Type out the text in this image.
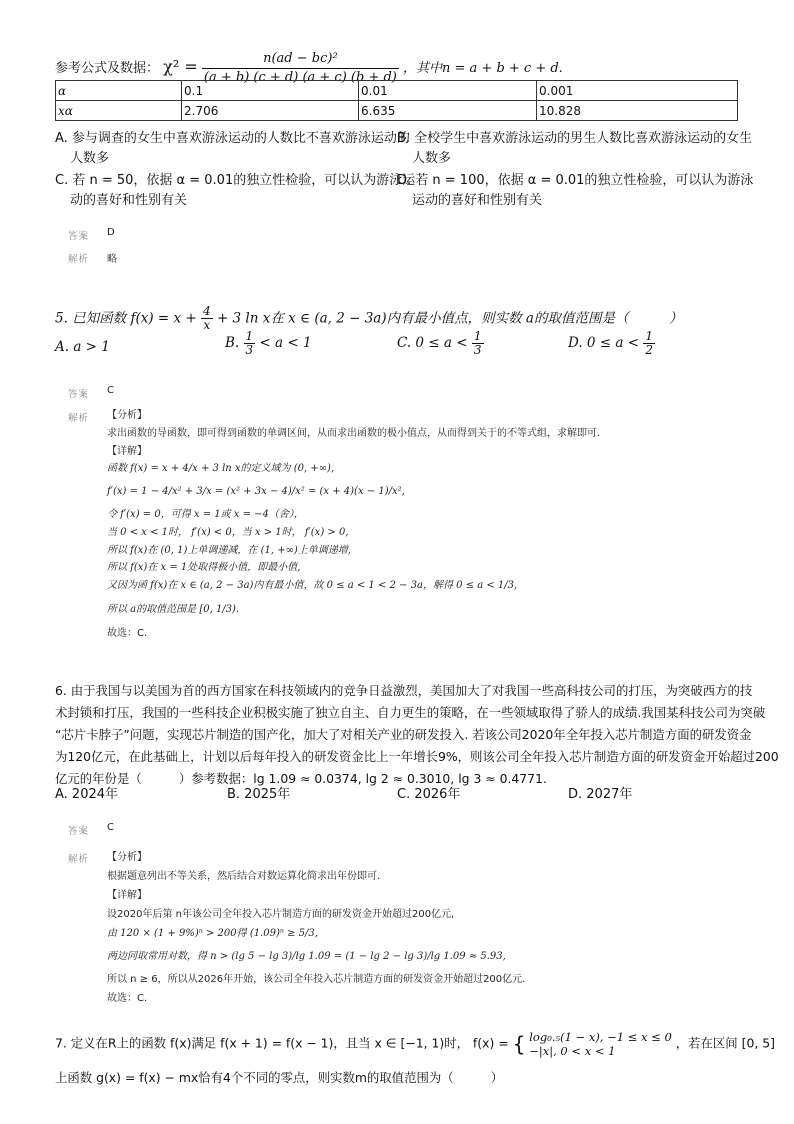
参考公式及数据： $\chi^2 = \frac{\text{n(ad − bc)²}}{(a + b) (c + d) (a + c) (b + d)}$ ，其中n = a + b + c + d.
α	0.1	0.01	0.001
xα	2.706	6.635	10.828
A. 参与调查的女生中喜欢游泳运动的人数比不喜欢游泳运动的
人数多
B. 全校学生中喜欢游泳运动的男生人数比喜欢游泳运动的女生
人数多
C. 若 n = 50，依据 α = 0.01的独立性检验，可以认为游泳运
动的喜好和性别有关
D. 若 n = 100，依据 α = 0.01的独立性检验，可以认为游泳
运动的喜好和性别有关
答案 D
解析 略
5. 已知函数 $f(x) = x + \frac{4}{x} + 3$ ln x在 x ∈ (a, 2 − 3a)内有最小值点，则实数 a的取值范围是（　　　）
A. a > 1	B. $\frac{1}{3} < a < 1$	C. $0 \le a < \frac{1}{3}$	D. $0 \le a < \frac{1}{2}$
答案 C
解析 【分析】
求出函数的导函数，即可得到函数的单调区间，从而求出函数的极小值点，从而得到关于的不等式组，求解即可.
【详解】
函数 f(x) = x + 4/x + 3 ln x的定义域为 (0, +∞),
f′(x) = 1 − 4/x² + 3/x = (x² + 3x − 4)/x² = (x + 4)(x − 1)/x²,
令 f′(x) = 0，可得 x = 1或 x = −4（舍），
当 0 < x < 1时， f′(x) < 0，当 x > 1时， f′(x) > 0,
所以 f(x)在 (0, 1)上单调递减，在 (1, +∞)上单调递增,
所以 f(x)在 x = 1处取得极小值，即最小值,
又因为函 f(x)在 x ∈ (a, 2 − 3a)内有最小值，故 0 ≤ a < 1 < 2 − 3a，解得 0 ≤ a < 1/3,
所以 a的取值范围是 [0, 1/3).
故选：C.
6. 由于我国与以美国为首的西方国家在科技领域内的竞争日益激烈，美国加大了对我国一些高科技公司的打压，为突破西方的技
术封锁和打压，我国的一些科技企业积极实施了独立自主、自力更生的策略，在一些领域取得了骄人的成绩.我国某科技公司为突破
“芯片卡脖子”问题，实现芯片制造的国产化，加大了对相关产业的研发投入. 若该公司2020年全年投入芯片制造方面的研发资金
为120亿元，在此基础上，计划以后每年投入的研发资金比上一年增长9%，则该公司全年投入芯片制造方面的研发资金开始超过200
亿元的年份是（　　　）参考数据：lg 1.09 ≈ 0.0374, lg 2 ≈ 0.3010, lg 3 ≈ 0.4771.
A. 2024年	B. 2025年	C. 2026年	D. 2027年
答案 C
解析 【分析】
根据题意列出不等关系，然后结合对数运算化简求出年份即可.
【详解】
设2020年后第 n年该公司全年投入芯片制造方面的研发资金开始超过200亿元,
由 120 × (1 + 9%)ⁿ > 200得 (1.09)ⁿ ≥ 5/3,
两边同取常用对数，得 n > (lg 5 − lg 3)/lg 1.09 = (1 − lg 2 − lg 3)/lg 1.09 ≈ 5.93,
所以 n ≥ 6，所以从2026年开始，该公司全年投入芯片制造方面的研发资金开始超过200亿元.
故选：C.
7. 定义在R上的函数 f(x)满足 f(x + 1) = f(x − 1)，且当 x ∈ [−1, 1)时， f(x) = { log₀.₅(1 − x), −1 ≤ x ≤ 0
−|x|, 0 < x < 1
，若在区间 [0, 5]
上函数 g(x) = f(x) − mx恰有4个不同的零点，则实数m的取值范围为（　　　）
